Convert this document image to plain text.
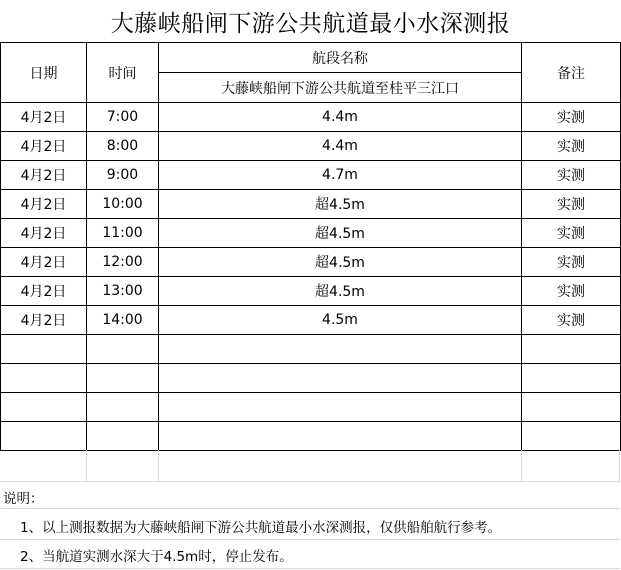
大藤峡船闸下游公共航道最小水深测报
日期	时间	航段名称	备注
		大藤峡船闸下游公共航道至桂平三江口	
4月2日	7:00	4.4m	实测
4月2日	8:00	4.4m	实测
4月2日	9:00	4.7m	实测
4月2日	10:00	超4.5m	实测
4月2日	11:00	超4.5m	实测
4月2日	12:00	超4.5m	实测
4月2日	13:00	超4.5m	实测
4月2日	14:00	4.5m	实测

说明：
1、以上测报数据为大藤峡船闸下游公共航道最小水深测报，仅供船舶航行参考。
2、当航道实测水深大于4.5m时，停止发布。
